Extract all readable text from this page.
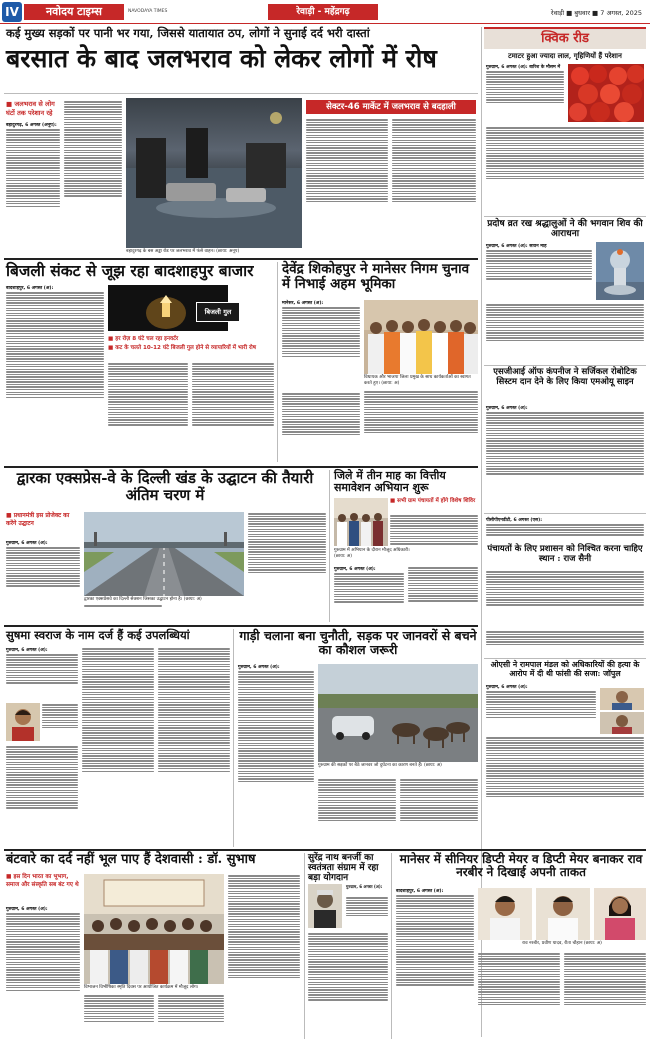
IV	नवोदय टाइम्स	NAVODAYA TIMES	रेवाड़ी - महेंद्रगढ़	रेवाड़ी ■ बुधवार ■ 7 अगस्त, 2025
कई मुख्य सड़कों पर पानी भर गया, जिससे यातायात ठप, लोगों ने सुनाई दर्द भरी दास्तां
बरसात के बाद जलभराव को लेकर लोगों में रोष
■ जलभराव से लोग घंटों तक परेशान रहे
बहादुरगढ़, 6 अगस्त (अनूप):
बहादुरगढ़ के बस अड्डा रोड पर जलभराव में फंसे वाहन। (छाया: अनूप)
सेक्टर-46 मार्केट में जलभराव से बदहाली
क्विक रीड
टमाटर हुआ ज्यादा लाल, गृहिणियों हैं परेशान
गुरुग्राम, 6 अगस्त (अ): बारिश के मौसम में
प्रदोष व्रत रख श्रद्धालुओं ने की भगवान शिव की आराधना
गुरुग्राम, 6 अगस्त (अ): सावन माह
एसजीआई ऑफ कंपनीज ने सर्जिकल रोबोटिक सिस्टम दान देने के लिए किया एमओयू साइन
गुरुग्राम, 6 अगस्त (अ):
पीसीपीएनडीटी, 6 अगस्त (एस):
पंचायतों के लिए प्रशासन को निश्चित करना चाहिए स्थान : राज सैनी
ओएसी ने रामपाल मंडल को अधिकारियों की हत्या के आरोप में दी थी फांसी की सजा: जॉपुल
गुरुग्राम, 6 अगस्त (अ):
बिजली संकट से जूझ रहा बादशाहपुर बाजार
बादशाहपुर, 6 अगस्त (अ):
बिजली गुल
■ हर रोज़ 8 घंटे चल रहा इनवर्टर
■ कट के चलते 10-12 घंटे बिजली गुल होने से व्यापारियों में भारी रोष
देवेंद्र शिकोहपुर ने मानेसर निगम चुनाव में निभाई अहम भूमिका
मानेसर, 6 अगस्त (अ):
विधायक और भाजपा जिला प्रमुख के साथ कार्यकर्ताओं का स्वागत करते हुए। (छाया: अ)
द्वारका एक्सप्रेस-वे के दिल्ली खंड के उद्घाटन की तैयारी अंतिम चरण में
■ प्रधानमंत्री इस प्रोजेक्ट का करेंगे उद्घाटन
गुरुग्राम, 6 अगस्त (अ):
द्वारका एक्सप्रेसवे का दिल्ली सेक्शन जिसका उद्घाटन होना है। (छाया: अ)
जिले में तीन माह का वित्तीय समावेशन अभियान शुरू
■ सभी ग्राम पंचायतों में होंगे विशेष शिविर
गुरुग्राम में अभियान के दौरान मौजूद अधिकारी। (छाया: अ)
गुरुग्राम, 6 अगस्त (अ):
सुषमा स्वराज के नाम दर्ज हैं कई उपलब्धियां
गुरुग्राम, 6 अगस्त (अ):
गाड़ी चलाना बना चुनौती, सड़क पर जानवरों से बचने का कौशल जरूरी
गुरुग्राम, 6 अगस्त (अ):
गुरुग्राम की सड़कों पर बैठे जानवर जो दुर्घटना का कारण बनते हैं। (छाया: अ)
बंटवारे का दर्द नहीं भूल पाए हैं देशवासी : डॉ. सुभाष
■ इस दिन भारत का भूभाग, समाज और संस्कृति सब बंट गए थे
गुरुग्राम, 6 अगस्त (अ):
विभाजन विभीषिका स्मृति दिवस पर आयोजित कार्यक्रम में मौजूद लोग।
सुरेंद्र नाथ बनर्जी का स्वतंत्रता संग्राम में रहा बड़ा योगदान
गुरुग्राम, 6 अगस्त (अ):
मानेसर में सीनियर डिप्टी मेयर व डिप्टी मेयर बनाकर राव नरबीर ने दिखाई अपनी ताकत
बादशाहपुर, 6 अगस्त (अ):
राव नरबीर, प्रवीण यादव, रीता चौहान (छाया: अ)
